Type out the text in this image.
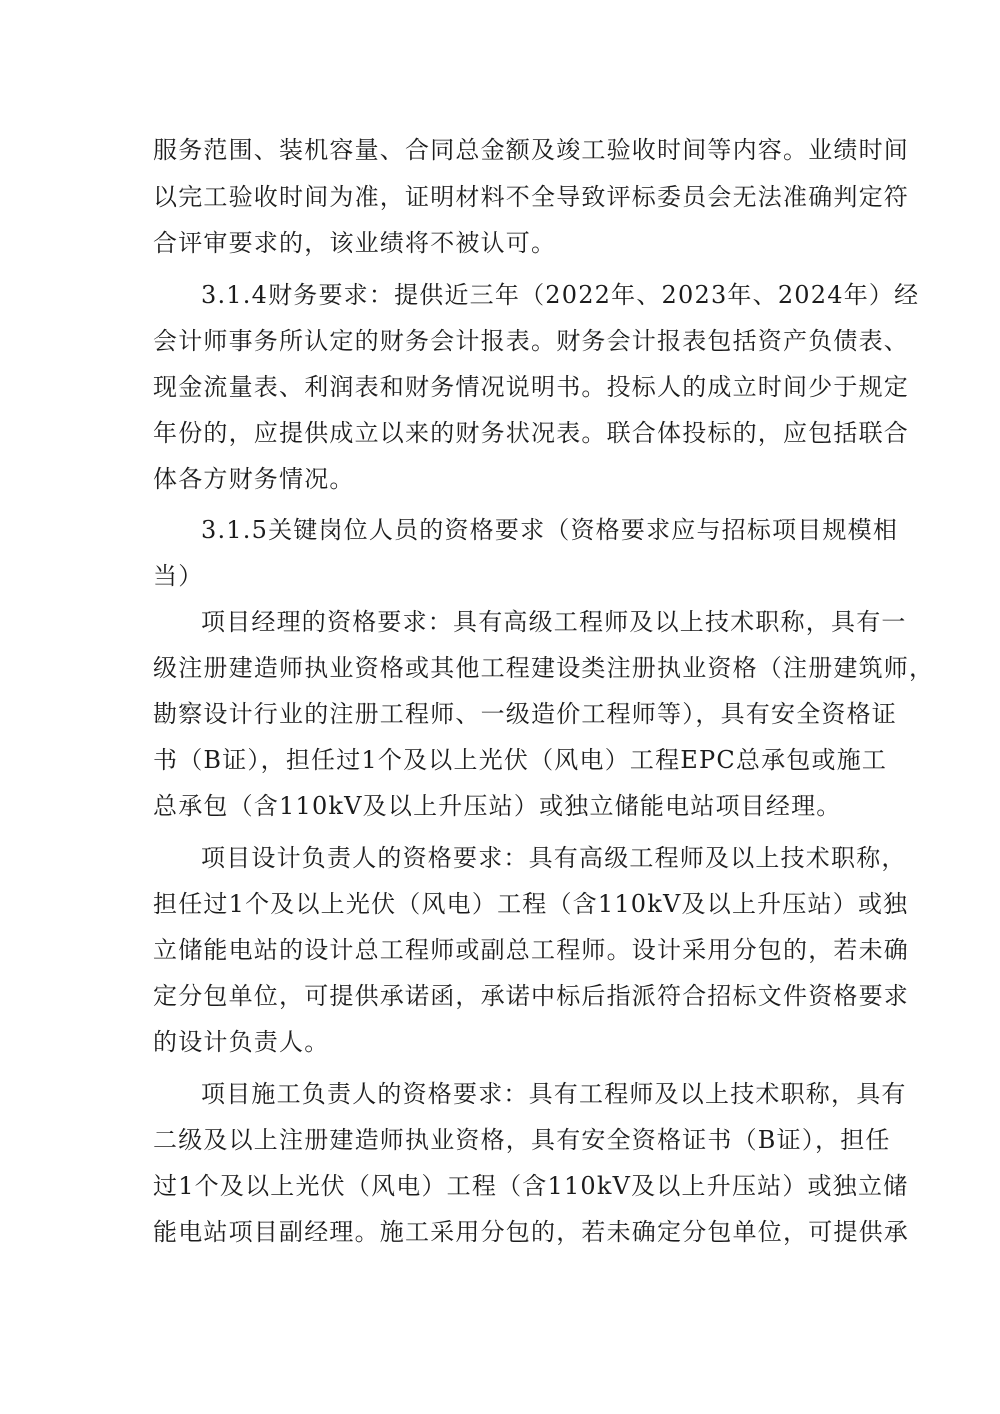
服务范围、装机容量、合同总金额及竣工验收时间等内容。业绩时间
以完工验收时间为准，证明材料不全导致评标委员会无法准确判定符
合评审要求的，该业绩将不被认可。
3.1.4财务要求：提供近三年（2022年、2023年、2024年）经
会计师事务所认定的财务会计报表。财务会计报表包括资产负债表、
现金流量表、利润表和财务情况说明书。投标人的成立时间少于规定
年份的，应提供成立以来的财务状况表。联合体投标的，应包括联合
体各方财务情况。
3.1.5关键岗位人员的资格要求（资格要求应与招标项目规模相
当）
项目经理的资格要求：具有高级工程师及以上技术职称，具有一
级注册建造师执业资格或其他工程建设类注册执业资格（注册建筑师，
勘察设计行业的注册工程师、一级造价工程师等），具有安全资格证
书（B证），担任过1个及以上光伏（风电）工程EPC总承包或施工
总承包（含110kV及以上升压站）或独立储能电站项目经理。
项目设计负责人的资格要求：具有高级工程师及以上技术职称，
担任过1个及以上光伏（风电）工程（含110kV及以上升压站）或独
立储能电站的设计总工程师或副总工程师。设计采用分包的，若未确
定分包单位，可提供承诺函，承诺中标后指派符合招标文件资格要求
的设计负责人。
项目施工负责人的资格要求：具有工程师及以上技术职称，具有
二级及以上注册建造师执业资格，具有安全资格证书（B证），担任
过1个及以上光伏（风电）工程（含110kV及以上升压站）或独立储
能电站项目副经理。施工采用分包的，若未确定分包单位，可提供承
